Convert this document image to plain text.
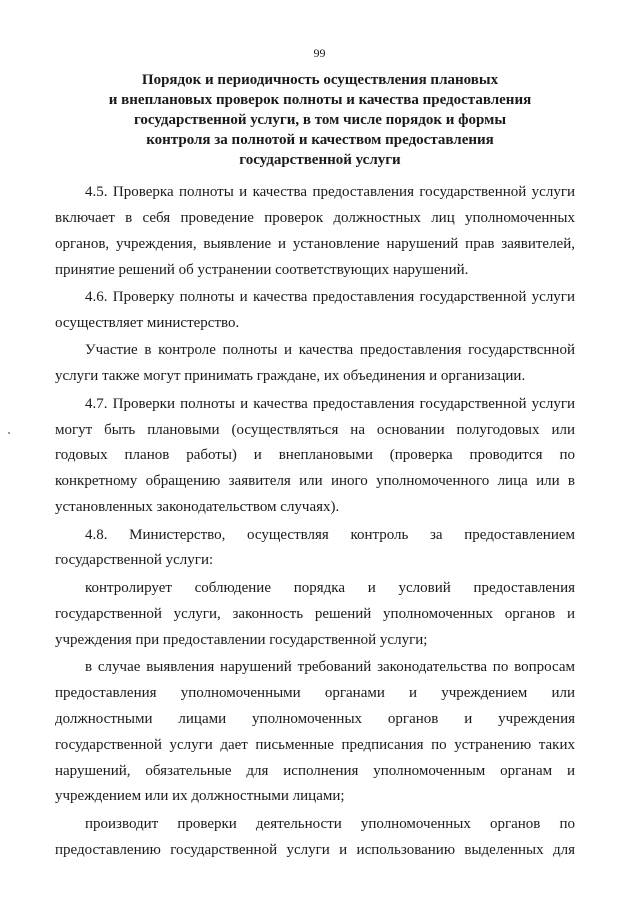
99
Порядок и периодичность осуществления плановых
и внеплановых проверок полноты и качества предоставления
государственной услуги, в том числе порядок и формы
контроля за полнотой и качеством предоставления
государственной услуги
4.5. Проверка полноты и качества предоставления государственной услуги
включает в себя проведение проверок должностных лиц уполномоченных
органов, учреждения, выявление и установление нарушений прав заявителей,
принятие решений об устранении соответствующих нарушений.
4.6. Проверку полноты и качества предоставления государственной услуги
осуществляет министерство.
Участие в контроле полноты и качества предоставления государствснной
услуги также могут принимать граждане, их объединения и организации.
4.7. Проверки полноты и качества предоставления государственной услуги
могут быть плановыми (осуществляться на основании полугодовых или
годовых планов работы) и внеплановыми (проверка проводится по
конкретному обращению заявителя или иного уполномоченного лица или в
установленных законодательством случаях).
4.8. Министерство, осуществляя контроль за предоставлением
государственной услуги:
контролирует соблюдение порядка и условий предоставления
государственной услуги, законность решений уполномоченных органов и
учреждения при предоставлении государственной услуги;
в случае выявления нарушений требований законодательства по вопросам
предоставления уполномоченными органами и учреждением или
должностными лицами уполномоченных органов и учреждения
государственной услуги дает письменные предписания по устранению таких
нарушений, обязательные для исполнения уполномоченным органам и
учреждением или их должностными лицами;
производит проверки деятельности уполномоченных органов по
предоставлению государственной услуги и использованию выделенных для
